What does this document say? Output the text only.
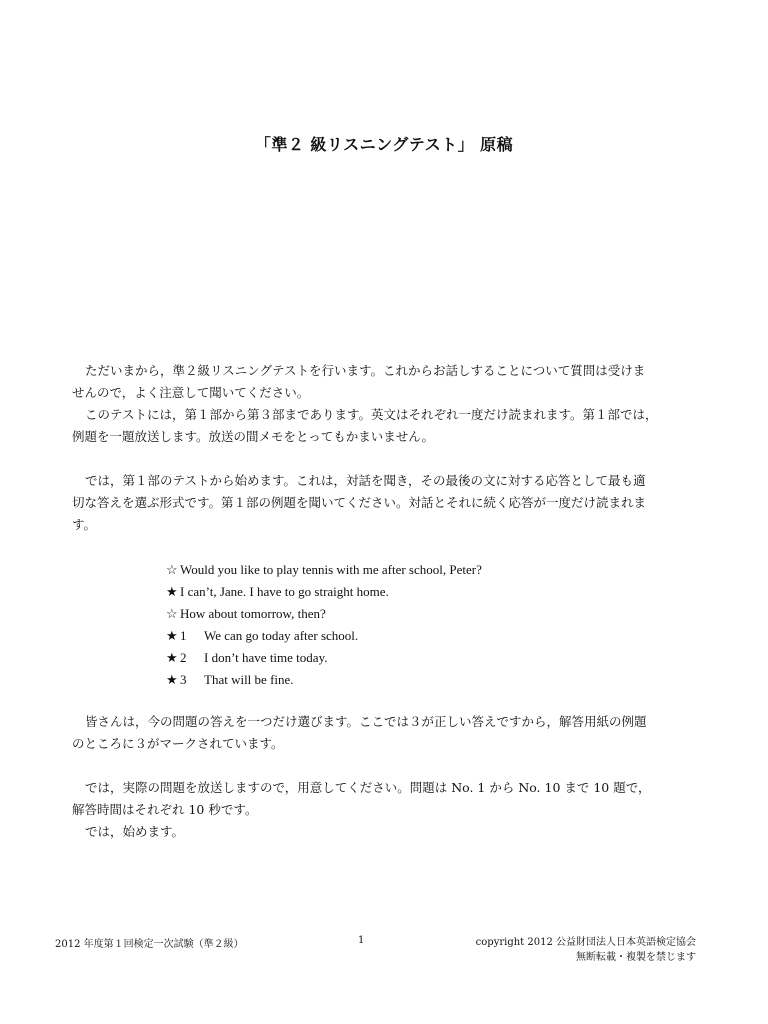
「準２ 級リスニングテスト」 原稿
ただいまから，準２級リスニングテストを行います。これからお話しすることについて質問は受けま
せんので，よく注意して聞いてください。
このテストには，第１部から第３部まであります。英文はそれぞれ一度だけ読まれます。第１部では，
例題を一題放送します。放送の間メモをとってもかまいません。
では，第１部のテストから始めます。これは，対話を聞き，その最後の文に対する応答として最も適
切な答えを選ぶ形式です。第１部の例題を聞いてください。対話とそれに続く応答が一度だけ読まれま
す。
☆ Would you like to play tennis with me after school, Peter?
★ I can’t, Jane. I have to go straight home.
☆ How about tomorrow, then?
★ 1 We can go today after school.
★ 2 I don’t have time today.
★ 3 That will be fine.
皆さんは，今の問題の答えを一つだけ選びます。ここでは３が正しい答えですから，解答用紙の例題
のところに３がマークされています。
では，実際の問題を放送しますので，用意してください。問題は No. 1 から No. 10 まで 10 題で，
解答時間はそれぞれ 10 秒です。
では，始めます。
2012 年度第１回検定一次試験（準２級）	1	copyright 2012 公益財団法人日本英語検定協会
無断転載・複製を禁じます
